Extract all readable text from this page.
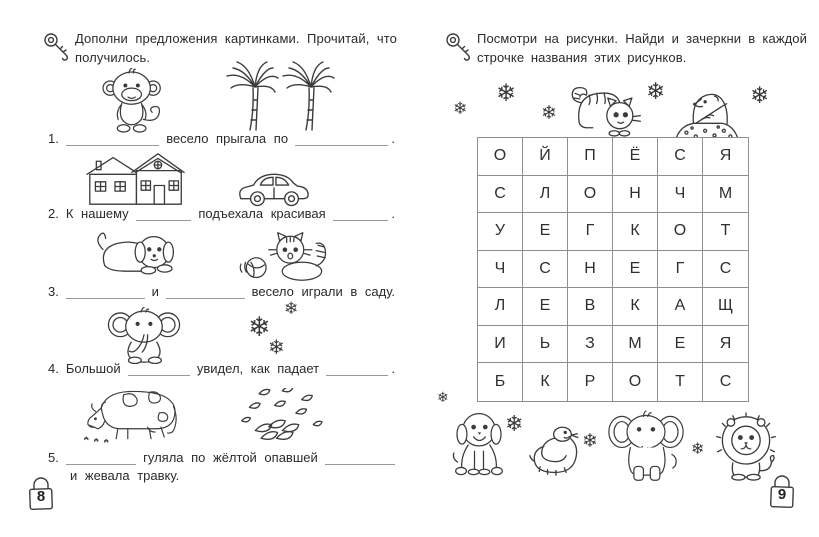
Дополни предложения картинками. Прочитай, что получилось.
1.	весело прыгала по	.
2. К нашему	подъехала красивая	.
3.	и	весело играли в саду.
❄
❄
❄
4. Большой	увидел, как падает	.
5.	гуляла по жёлтой опавшей
и жевала травку.
8
Посмотри на рисунки. Найди и зачеркни в каждой строчке названия этих рисунков.
❄
❄
❄
❄	❄
О	Й	П	Ё	С	Я
С	Л	О	Н	Ч	М
У	Е	Г	К	О	Т
Ч	С	Н	Е	Г	С
Л	Е	В	К	А	Щ
И	Ь	З	М	Е	Я
Б	К	Р	О	Т	С
❄
❄
❄	❄
9
